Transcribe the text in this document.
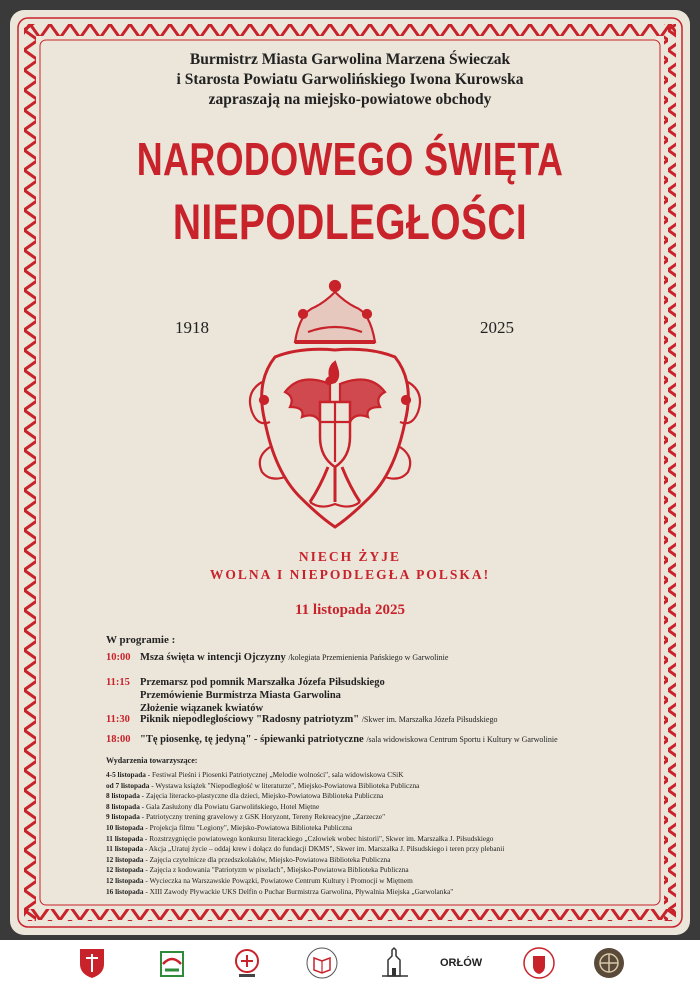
Burmistrz Miasta Garwolina Marzena Świeczak
i Starosta Powiatu Garwolińskiego Iwona Kurowska
zapraszają na miejsko-powiatowe obchody
NARODOWEGO ŚWIĘTA
NIEPODLEGŁOŚCI
1918	2025
NIECH ŻYJE
WOLNA I NIEPODLEGŁA POLSKA!
11 listopada 2025
W programie :
10:00 Msza święta w intencji Ojczyzny /kolegiata Przemienienia Pańskiego w Garwolinie
11:15 Przemarsz pod pomnik Marszałka Józefa Piłsudskiego
Przemówienie Burmistrza Miasta Garwolina
Złożenie wiązanek kwiatów
11:30 Piknik niepodległościowy "Radosny patriotyzm" /Skwer im. Marszałka Józefa Piłsudskiego
18:00 "Tę piosenkę, tę jedyną" - śpiewanki patriotyczne /sala widowiskowa Centrum Sportu i Kultury w Garwolinie
Wydarzenia towarzyszące:
4-5 listopada - Festiwal Pieśni i Piosenki Patriotycznej „Melodie wolności", sala widowiskowa CSiK
od 7 listopada - Wystawa książek "Niepodległość w literaturze", Miejsko-Powiatowa Biblioteka Publiczna
8 listopada - Zajęcia literacko-plastyczne dla dzieci, Miejsko-Powiatowa Biblioteka Publiczna
8 listopada - Gala Zasłużony dla Powiatu Garwolińskiego, Hotel Miętne
9 listopada - Patriotyczny trening gravelowy z GSK Horyzont, Tereny Rekreacyjne „Zarzecze"
10 listopada - Projekcja filmu "Legiony", Miejsko-Powiatowa Biblioteka Publiczna
11 listopada - Rozstrzygnięcie powiatowego konkursu literackiego „Człowiek wobec historii", Skwer im. Marszałka J. Piłsudskiego
11 listopada - Akcja „Uratuj życie – oddaj krew i dołącz do fundacji DKMS", Skwer im. Marszałka J. Piłsudskiego i teren przy plebanii
12 listopada - Zajęcia czytelnicze dla przedszkolaków, Miejsko-Powiatowa Biblioteka Publiczna
12 listopada - Zajęcia z kodowania "Patriotyzm w pixelach", Miejsko-Powiatowa Biblioteka Publiczna
12 listopada - Wycieczka na Warszawskie Powązki, Powiatowe Centrum Kultury i Promocji w Miętnem
16 listopada - XIII Zawody Pływackie UKS Delfin o Puchar Burmistrza Garwolina, Pływalnia Miejska „Garwolanka"
ORŁÓW
